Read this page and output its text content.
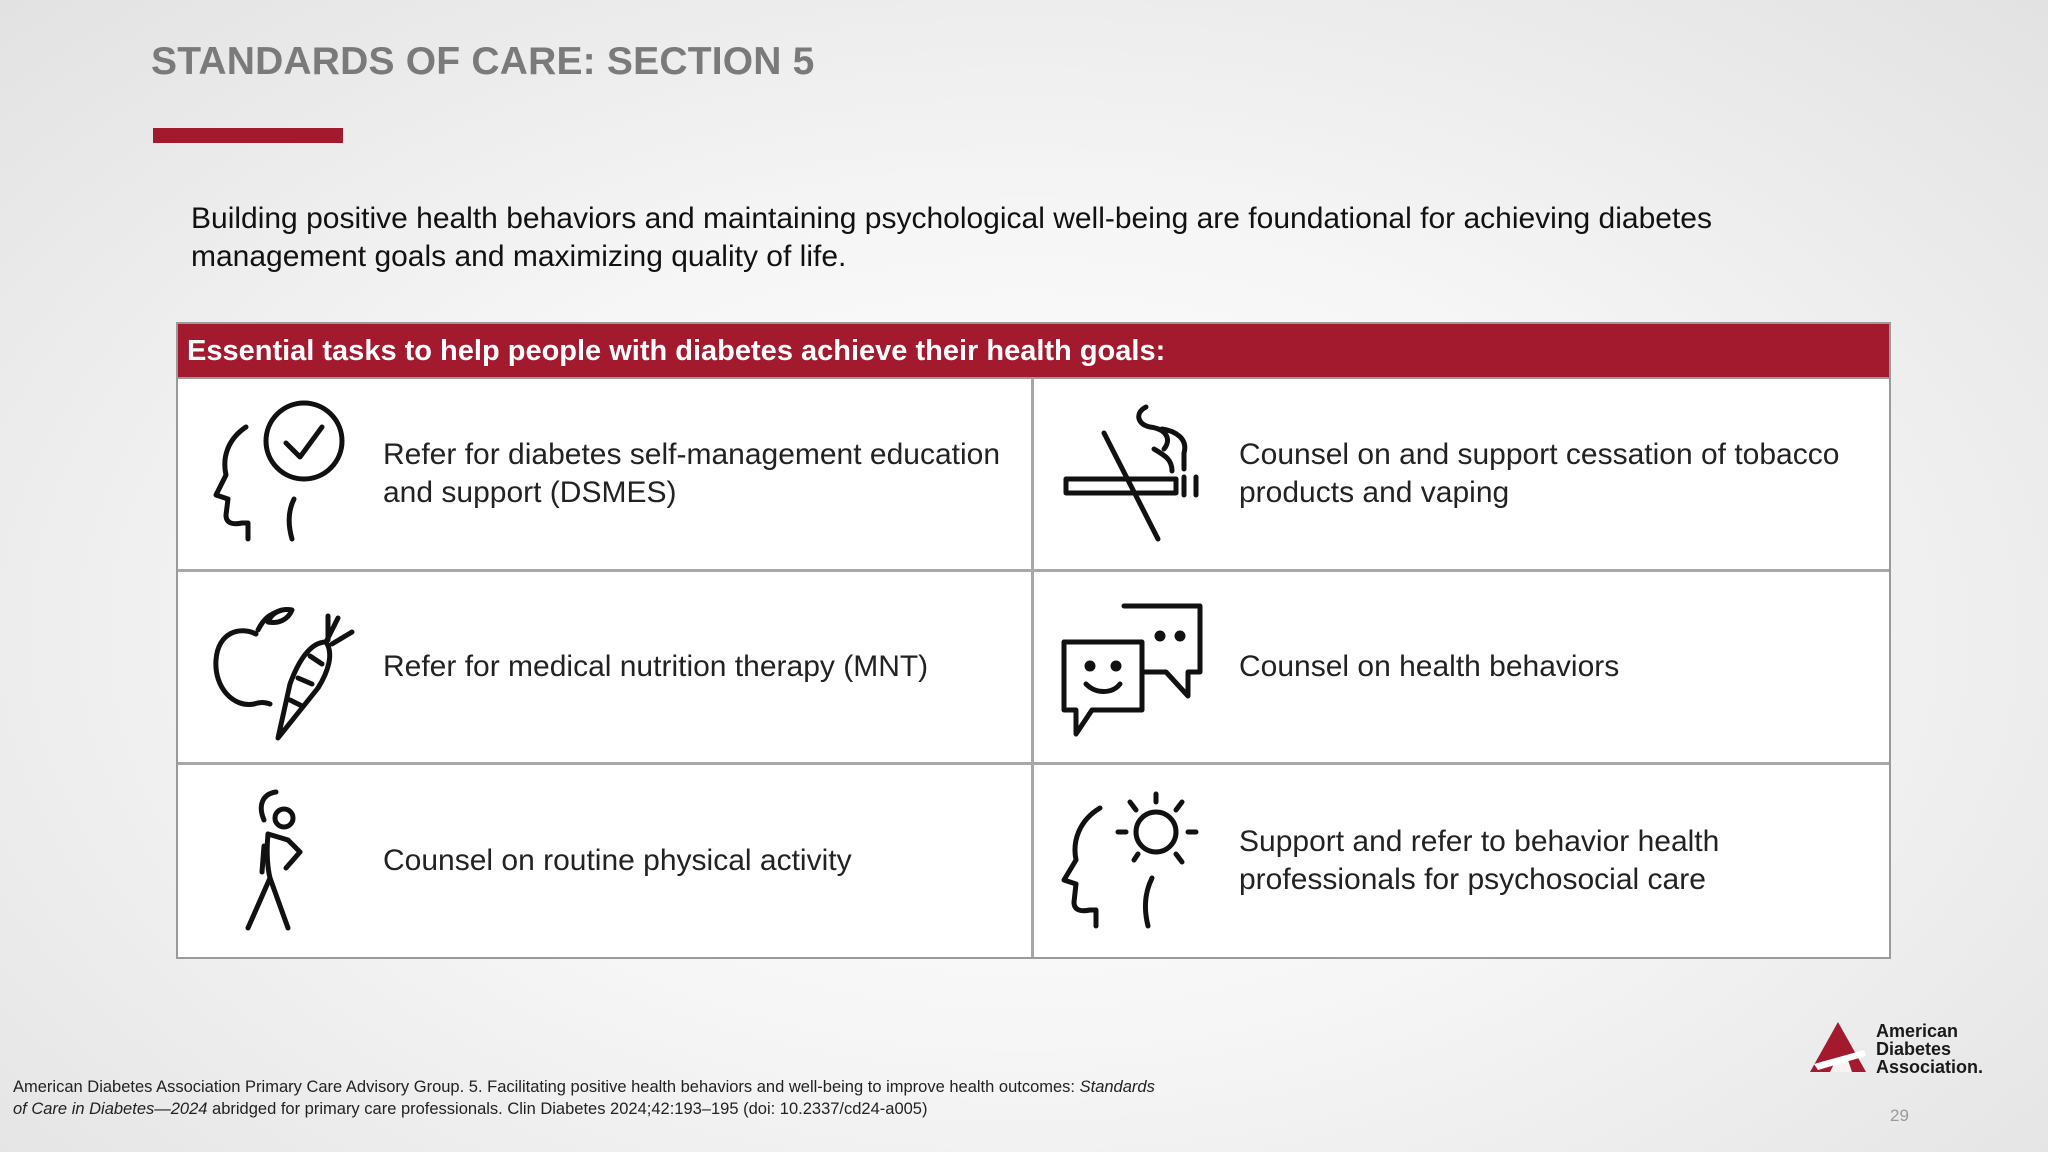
STANDARDS OF CARE: SECTION 5
Building positive health behaviors and maintaining psychological well-being are foundational for achieving diabetes management goals and maximizing quality of life.
Essential tasks to help people with diabetes achieve their health goals:
Refer for diabetes self-management education and support (DSMES)
Counsel on and support cessation of tobacco products and vaping
Refer for medical nutrition therapy (MNT)	Counsel on health behaviors
Counsel on routine physical activity
Support and refer to behavior health professionals for psychosocial care
American Diabetes Association Primary Care Advisory Group. 5. Facilitating positive health behaviors and well-being to improve health outcomes: Standards of Care in Diabetes—2024 abridged for primary care professionals. Clin Diabetes 2024;42:193–195 (doi: 10.2337/cd24-a005)
American
Diabetes
Association.
29
